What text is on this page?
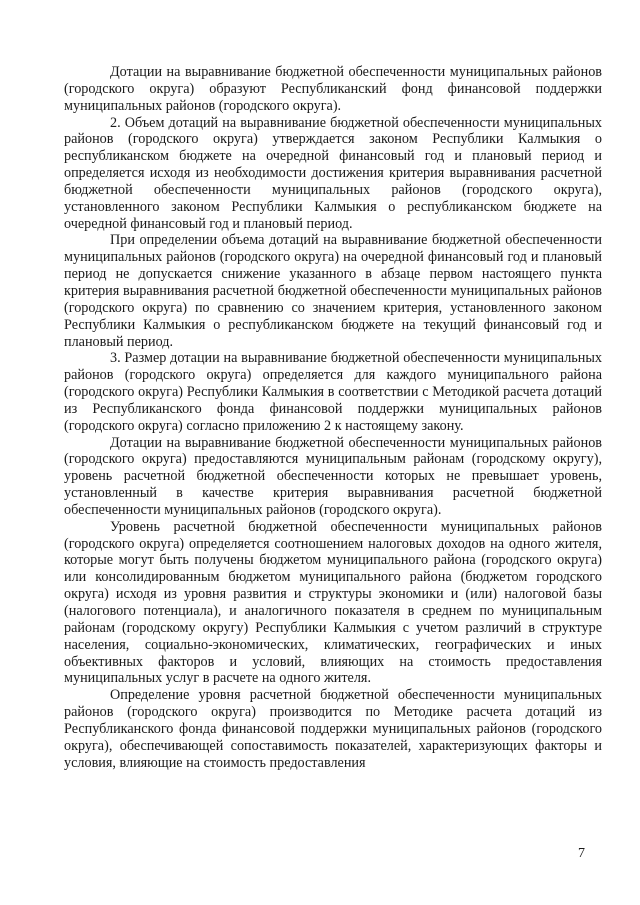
Дотации на выравнивание бюджетной обеспеченности муниципальных районов (городского округа) образуют Республиканский фонд финансовой поддержки муниципальных районов (городского округа).

2. Объем дотаций на выравнивание бюджетной обеспеченности муниципальных районов (городского округа) утверждается законом Республики Калмыкия о республиканском бюджете на очередной финансовый год и плановый период и определяется исходя из необходимости достижения критерия выравнивания расчетной бюджетной обеспеченности муниципальных районов (городского округа), установленного законом Республики Калмыкия о республиканском бюджете на очередной финансовый год и плановый период.

При определении объема дотаций на выравнивание бюджетной обеспеченности муниципальных районов (городского округа) на очередной финансовый год и плановый период не допускается снижение указанного в абзаце первом настоящего пункта критерия выравнивания расчетной бюджетной обеспеченности муниципальных районов (городского округа) по сравнению со значением критерия, установленного законом Республики Калмыкия о республиканском бюджете на текущий финансовый год и плановый период.

3. Размер дотации на выравнивание бюджетной обеспеченности муниципальных районов (городского округа) определяется для каждого муниципального района (городского округа) Республики Калмыкия в соответствии с Методикой расчета дотаций из Республиканского фонда финансовой поддержки муниципальных районов (городского округа) согласно приложению 2 к настоящему закону.

Дотации на выравнивание бюджетной обеспеченности муниципальных районов (городского округа) предоставляются муниципальным районам (городскому округу), уровень расчетной бюджетной обеспеченности которых не превышает уровень, установленный в качестве критерия выравнивания расчетной бюджетной обеспеченности муниципальных районов (городского округа).

Уровень расчетной бюджетной обеспеченности муниципальных районов (городского округа) определяется соотношением налоговых доходов на одного жителя, которые могут быть получены бюджетом муниципального района (городского округа) или консолидированным бюджетом муниципального района (бюджетом городского округа) исходя из уровня развития и структуры экономики и (или) налоговой базы (налогового потенциала), и аналогичного показателя в среднем по муниципальным районам (городскому округу) Республики Калмыкия с учетом различий в структуре населения, социально-экономических, климатических, географических и иных объективных факторов и условий, влияющих на стоимость предоставления муниципальных услуг в расчете на одного жителя.

Определение уровня расчетной бюджетной обеспеченности муниципальных районов (городского округа) производится по Методике расчета дотаций из Республиканского фонда финансовой поддержки муниципальных районов (городского округа), обеспечивающей сопоставимость показателей, характеризующих факторы и условия, влияющие на стоимость предоставления

7
